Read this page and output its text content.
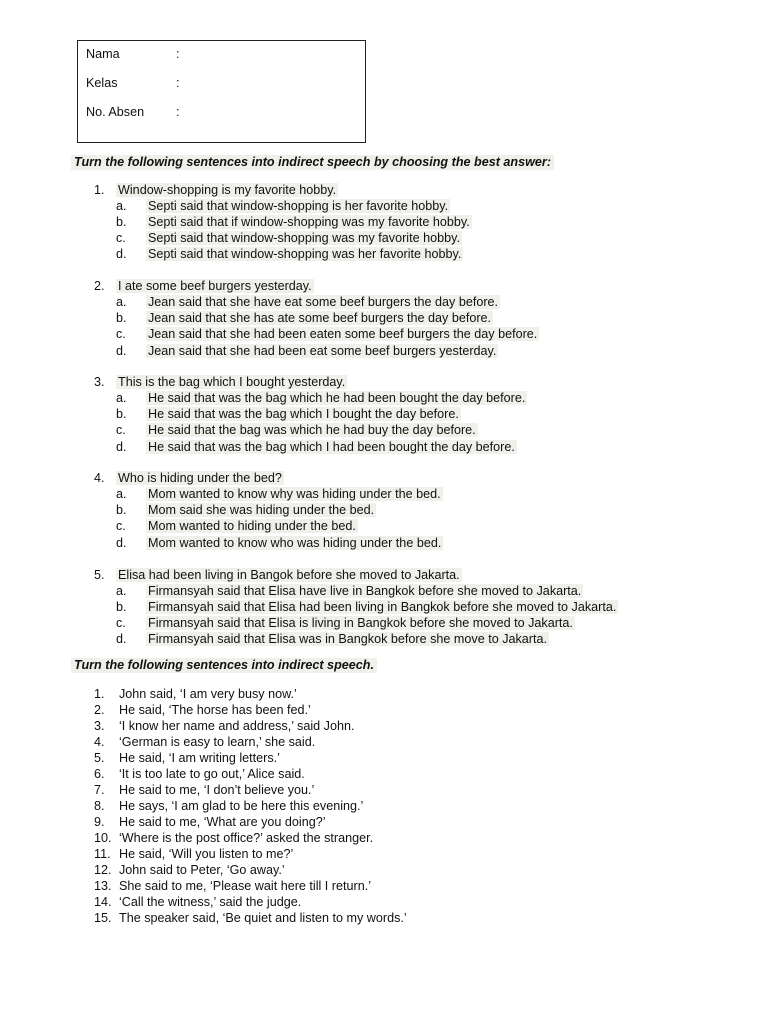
Nama	:
Kelas	:
No. Absen	:
Turn the following sentences into indirect speech by choosing the best answer:
1. Window-shopping is my favorite hobby.
a. Septi said that window-shopping is her favorite hobby.
b. Septi said that if window-shopping was my favorite hobby.
c. Septi said that window-shopping was my favorite hobby.
d. Septi said that window-shopping was her favorite hobby.
2. I ate some beef burgers yesterday.
a. Jean said that she have eat some beef burgers the day before.
b. Jean said that she has ate some beef burgers the day before.
c. Jean said that she had been eaten some beef burgers the day before.
d. Jean said that she had been eat some beef burgers yesterday.
3. This is the bag which I bought yesterday.
a. He said that was the bag which he had been bought the day before.
b. He said that was the bag which I bought the day before.
c. He said that the bag was which he had buy the day before.
d. He said that was the bag which I had been bought the day before.
4. Who is hiding under the bed?
a. Mom wanted to know why was hiding under the bed.
b. Mom said she was hiding under the bed.
c. Mom wanted to hiding under the bed.
d. Mom wanted to know who was hiding under the bed.
5. Elisa had been living in Bangok before she moved to Jakarta.
a. Firmansyah said that Elisa have live in Bangkok before she moved to Jakarta.
b. Firmansyah said that Elisa had been living in Bangkok before she moved to Jakarta.
c. Firmansyah said that Elisa is living in Bangkok before she moved to Jakarta.
d. Firmansyah said that Elisa was in Bangkok before she move to Jakarta.
Turn the following sentences into indirect speech.
1. John said, ‘I am very busy now.’
2. He said, ‘The horse has been fed.’
3. ‘I know her name and address,’ said John.
4. ‘German is easy to learn,’ she said.
5. He said, ‘I am writing letters.’
6. ‘It is too late to go out,’ Alice said.
7. He said to me, ‘I don’t believe you.’
8. He says, ‘I am glad to be here this evening.’
9. He said to me, ‘What are you doing?’
10. ‘Where is the post office?’ asked the stranger.
11. He said, ‘Will you listen to me?’
12. John said to Peter, ‘Go away.’
13. She said to me, ‘Please wait here till I return.’
14. ‘Call the witness,’ said the judge.
15. The speaker said, ‘Be quiet and listen to my words.’
